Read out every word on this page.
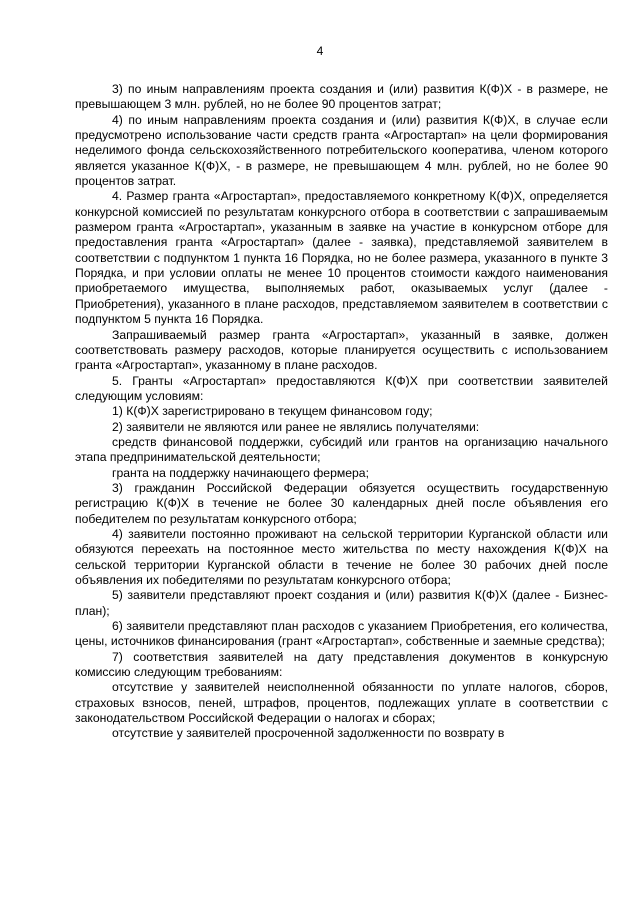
4

3) по иным направлениям проекта создания и (или) развития К(Ф)Х - в размере, не превышающем 3 млн. рублей, но не более 90 процентов затрат;

4) по иным направлениям проекта создания и (или) развития К(Ф)Х, в случае если предусмотрено использование части средств гранта «Агростартап» на цели формирования неделимого фонда сельскохозяйственного потребительского кооператива, членом которого является указанное К(Ф)Х, - в размере, не превышающем 4 млн. рублей, но не более 90 процентов затрат.

4. Размер гранта «Агростартап», предоставляемого конкретному К(Ф)Х, определяется конкурсной комиссией по результатам конкурсного отбора в соответствии с запрашиваемым размером гранта «Агростартап», указанным в заявке на участие в конкурсном отборе для предоставления гранта «Агростартап» (далее - заявка), представляемой заявителем в соответствии с подпунктом 1 пункта 16 Порядка, но не более размера, указанного в пункте 3 Порядка, и при условии оплаты не менее 10 процентов стоимости каждого наименования приобретаемого имущества, выполняемых работ, оказываемых услуг (далее - Приобретения), указанного в плане расходов, представляемом заявителем в соответствии с подпунктом 5 пункта 16 Порядка.

Запрашиваемый размер гранта «Агростартап», указанный в заявке, должен соответствовать размеру расходов, которые планируется осуществить с использованием гранта «Агростартап», указанному в плане расходов.

5. Гранты «Агростартап» предоставляются К(Ф)Х при соответствии заявителей следующим условиям:

1) К(Ф)Х зарегистрировано в текущем финансовом году;

2) заявители не являются или ранее не являлись получателями:

средств финансовой поддержки, субсидий или грантов на организацию начального этапа предпринимательской деятельности;

гранта на поддержку начинающего фермера;

3) гражданин Российской Федерации обязуется осуществить государственную регистрацию К(Ф)Х в течение не более 30 календарных дней после объявления его победителем по результатам конкурсного отбора;

4) заявители постоянно проживают на сельской территории Курганской области или обязуются переехать на постоянное место жительства по месту нахождения К(Ф)Х на сельской территории Курганской области в течение не более 30 рабочих дней после объявления их победителями по результатам конкурсного отбора;

5) заявители представляют проект создания и (или) развития К(Ф)Х (далее - Бизнес-план);

6) заявители представляют план расходов с указанием Приобретения, его количества, цены, источников финансирования (грант «Агростартап», собственные и заемные средства);

7) соответствия заявителей на дату представления документов в конкурсную комиссию следующим требованиям:

отсутствие у заявителей неисполненной обязанности по уплате налогов, сборов, страховых взносов, пеней, штрафов, процентов, подлежащих уплате в соответствии с законодательством Российской Федерации о налогах и сборах;

отсутствие у заявителей просроченной задолженности по возврату в
